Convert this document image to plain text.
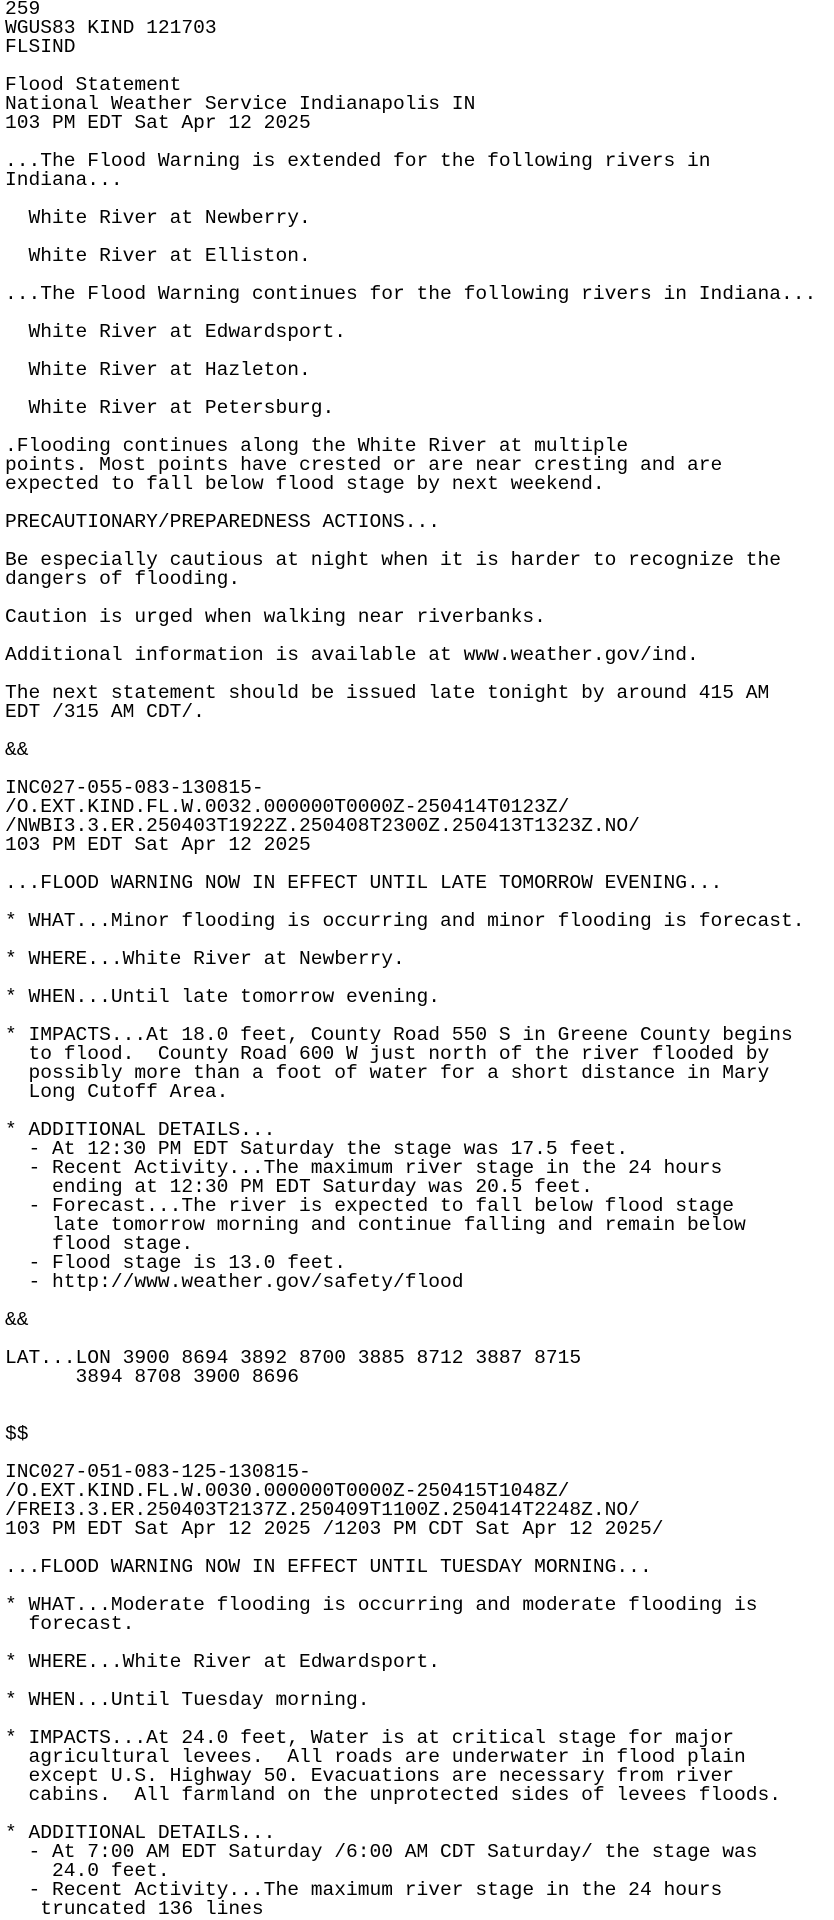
259
WGUS83 KIND 121703
FLSIND
Flood Statement
National Weather Service Indianapolis IN
103 PM EDT Sat Apr 12 2025
...The Flood Warning is extended for the following rivers in
Indiana...
White River at Newberry.
White River at Elliston.
...The Flood Warning continues for the following rivers in Indiana...
White River at Edwardsport.
White River at Hazleton.
White River at Petersburg.
.Flooding continues along the White River at multiple
points. Most points have crested or are near cresting and are
expected to fall below flood stage by next weekend.
PRECAUTIONARY/PREPAREDNESS ACTIONS...
Be especially cautious at night when it is harder to recognize the
dangers of flooding.
Caution is urged when walking near riverbanks.
Additional information is available at www.weather.gov/ind.
The next statement should be issued late tonight by around 415 AM
EDT /315 AM CDT/.
&&
INC027-055-083-130815-
/O.EXT.KIND.FL.W.0032.000000T0000Z-250414T0123Z/
/NWBI3.3.ER.250403T1922Z.250408T2300Z.250413T1323Z.NO/
103 PM EDT Sat Apr 12 2025
...FLOOD WARNING NOW IN EFFECT UNTIL LATE TOMORROW EVENING...
* WHAT...Minor flooding is occurring and minor flooding is forecast.
* WHERE...White River at Newberry.
* WHEN...Until late tomorrow evening.
* IMPACTS...At 18.0 feet, County Road 550 S in Greene County begins
to flood.  County Road 600 W just north of the river flooded by
possibly more than a foot of water for a short distance in Mary
Long Cutoff Area.
* ADDITIONAL DETAILS...
- At 12:30 PM EDT Saturday the stage was 17.5 feet.
- Recent Activity...The maximum river stage in the 24 hours
ending at 12:30 PM EDT Saturday was 20.5 feet.
- Forecast...The river is expected to fall below flood stage
late tomorrow morning and continue falling and remain below
flood stage.
- Flood stage is 13.0 feet.
- http://www.weather.gov/safety/flood
&&
LAT...LON 3900 8694 3892 8700 3885 8712 3887 8715
3894 8708 3900 8696
$$
INC027-051-083-125-130815-
/O.EXT.KIND.FL.W.0030.000000T0000Z-250415T1048Z/
/FREI3.3.ER.250403T2137Z.250409T1100Z.250414T2248Z.NO/
103 PM EDT Sat Apr 12 2025 /1203 PM CDT Sat Apr 12 2025/
...FLOOD WARNING NOW IN EFFECT UNTIL TUESDAY MORNING...
* WHAT...Moderate flooding is occurring and moderate flooding is
forecast.
* WHERE...White River at Edwardsport.
* WHEN...Until Tuesday morning.
* IMPACTS...At 24.0 feet, Water is at critical stage for major
agricultural levees.  All roads are underwater in flood plain
except U.S. Highway 50. Evacuations are necessary from river
cabins.  All farmland on the unprotected sides of levees floods.
* ADDITIONAL DETAILS...
- At 7:00 AM EDT Saturday /6:00 AM CDT Saturday/ the stage was
24.0 feet.
- Recent Activity...The maximum river stage in the 24 hours
truncated 136 lines
